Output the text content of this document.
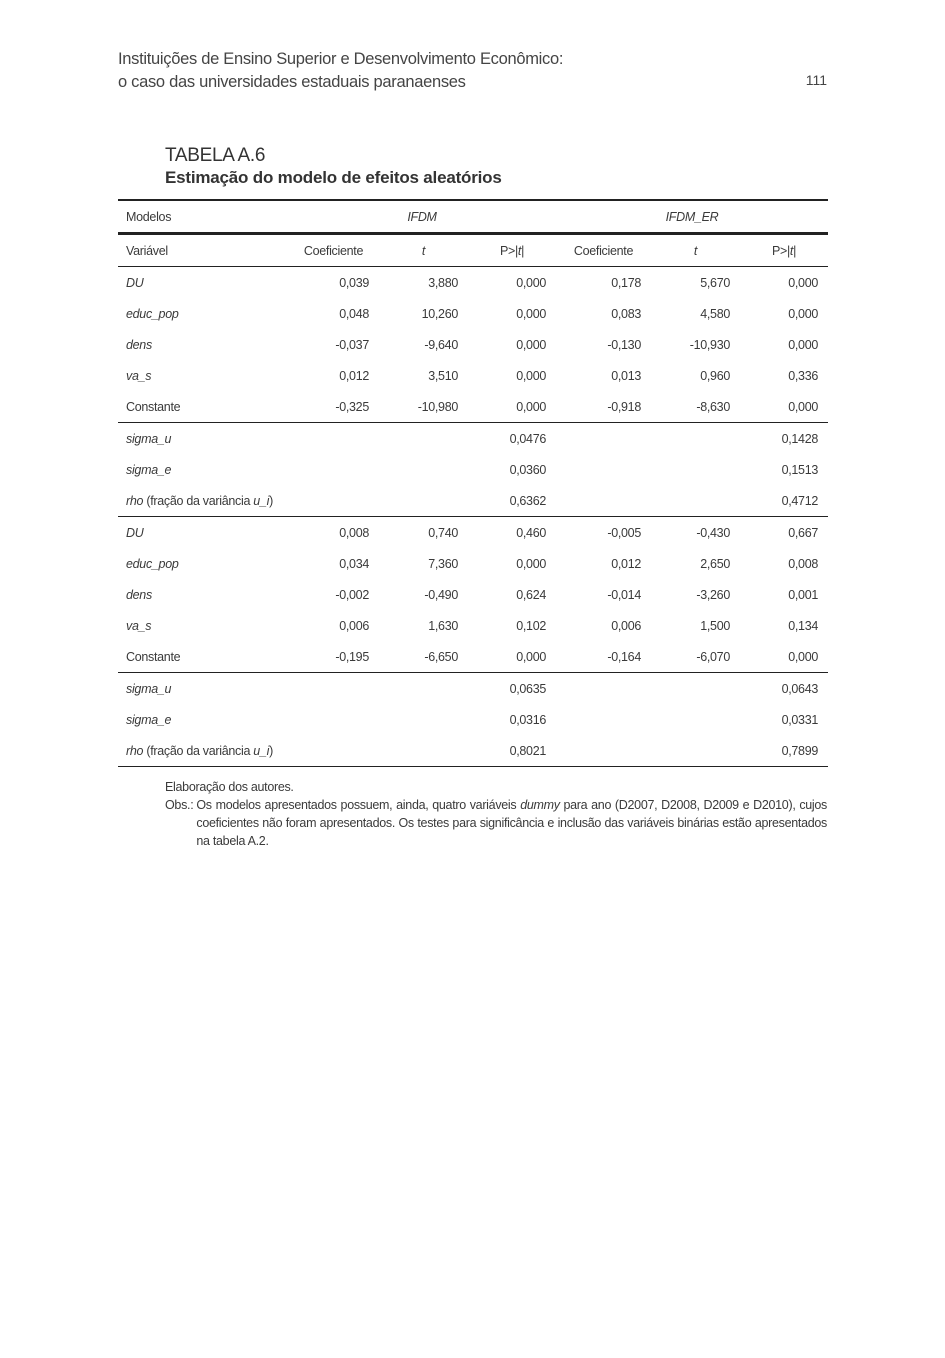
Instituições de Ensino Superior e Desenvolvimento Econômico:
o caso das universidades estaduais paranaenses	111
TABELA A.6
Estimação do modelo de efeitos aleatórios
Modelos	IFDM			IFDM_ER		
Variável	Coeficiente	t	P>|t|	Coeficiente	t	P>|t|
DU	0,039	3,880	0,000	0,178	5,670	0,000
educ_pop	0,048	10,260	0,000	0,083	4,580	0,000
dens	-0,037	-9,640	0,000	-0,130	-10,930	0,000
va_s	0,012	3,510	0,000	0,013	0,960	0,336
Constante	-0,325	-10,980	0,000	-0,918	-8,630	0,000
sigma_u			0,0476			0,1428
sigma_e			0,0360			0,1513
rho (fração da variância u_i)			0,6362			0,4712
DU	0,008	0,740	0,460	-0,005	-0,430	0,667
educ_pop	0,034	7,360	0,000	0,012	2,650	0,008
dens	-0,002	-0,490	0,624	-0,014	-3,260	0,001
va_s	0,006	1,630	0,102	0,006	1,500	0,134
Constante	-0,195	-6,650	0,000	-0,164	-6,070	0,000
sigma_u			0,0635			0,0643
sigma_e			0,0316			0,0331
rho (fração da variância u_i)			0,8021			0,7899
Elaboração dos autores.
Obs.: Os modelos apresentados possuem, ainda, quatro variáveis dummy para ano (D2007, D2008, D2009 e D2010), cujos coeficientes não foram apresentados. Os testes para significância e inclusão das variáveis binárias estão apresentados na tabela A.2.
